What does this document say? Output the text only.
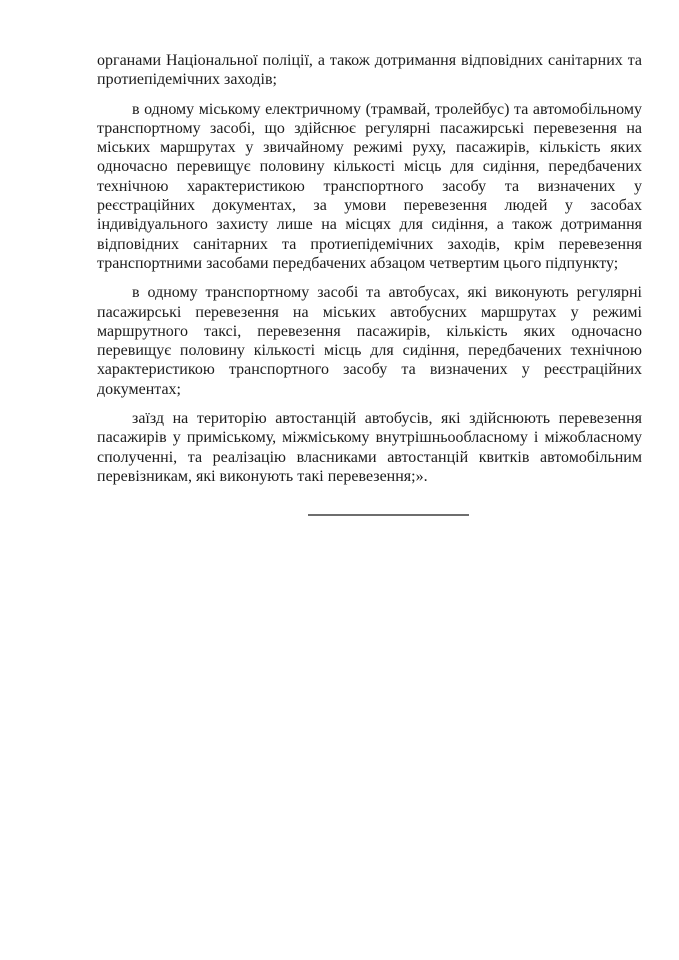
органами Національної поліції, а також дотримання відповідних санітарних та протиепідемічних заходів;

в одному міському електричному (трамвай, тролейбус) та автомобільному транспортному засобі, що здійснює регулярні пасажирські перевезення на міських маршрутах у звичайному режимі руху, пасажирів, кількість яких одночасно перевищує половину кількості місць для сидіння, передбачених технічною характеристикою транспортного засобу та визначених у реєстраційних документах, за умови перевезення людей у засобах індивідуального захисту лише на місцях для сидіння, а також дотримання відповідних санітарних та протиепідемічних заходів, крім перевезення транспортними засобами передбачених абзацом четвертим цього підпункту;

в одному транспортному засобі та автобусах, які виконують регулярні пасажирські перевезення на міських автобусних маршрутах у режимі маршрутного таксі, перевезення пасажирів, кількість яких одночасно перевищує половину кількості місць для сидіння, передбачених технічною характеристикою транспортного засобу та визначених у реєстраційних документах;

заїзд на територію автостанцій автобусів, які здійснюють перевезення пасажирів у приміському, міжміському внутрішньообласному і міжобласному сполученні, та реалізацію власниками автостанцій квитків автомобільним перевізникам, які виконують такі перевезення;».
